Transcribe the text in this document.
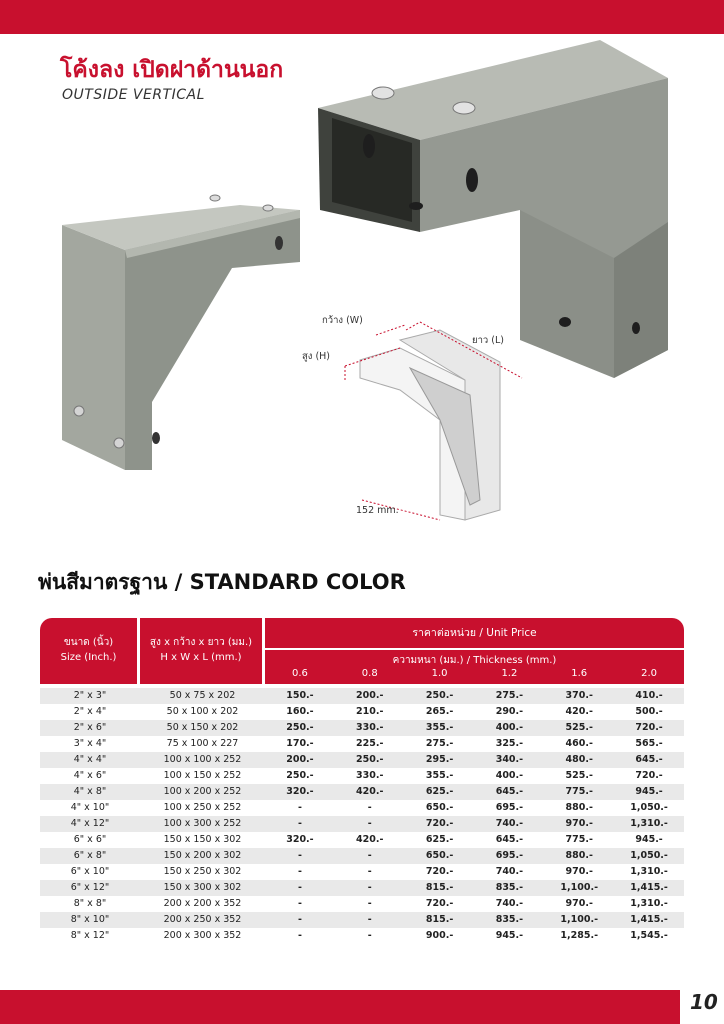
โค้งลง เปิดฝาด้านนอก
OUTSIDE VERTICAL
กว้าง (W)
สูง (H)
ยาว (L)
152 mm.
พ่นสีมาตรฐาน / STANDARD COLOR
ขนาด (นิ้ว)
Size (Inch.)
สูง x กว้าง x ยาว (มม.)
H x W x L (mm.)
ราคาต่อหน่วย / Unit Price
ความหนา (มม.) / Thickness (mm.)
0.6	0.8	1.0	1.2	1.6	2.0
2" x 3"	50 x 75 x 202	150.-	200.-	250.-	275.-	370.-	410.-
2" x 4"	50 x 100 x 202	160.-	210.-	265.-	290.-	420.-	500.-
2" x 6"	50 x 150 x 202	250.-	330.-	355.-	400.-	525.-	720.-
3" x 4"	75 x 100 x 227	170.-	225.-	275.-	325.-	460.-	565.-
4" x 4"	100 x 100 x 252	200.-	250.-	295.-	340.-	480.-	645.-
4" x 6"	100 x 150 x 252	250.-	330.-	355.-	400.-	525.-	720.-
4" x 8"	100 x 200 x 252	320.-	420.-	625.-	645.-	775.-	945.-
4" x 10"	100 x 250 x 252	-	-	650.-	695.-	880.-	1,050.-
4" x 12"	100 x 300 x 252	-	-	720.-	740.-	970.-	1,310.-
6" x 6"	150 x 150 x 302	320.-	420.-	625.-	645.-	775.-	945.-
6" x 8"	150 x 200 x 302	-	-	650.-	695.-	880.-	1,050.-
6" x 10"	150 x 250 x 302	-	-	720.-	740.-	970.-	1,310.-
6" x 12"	150 x 300 x 302	-	-	815.-	835.-	1,100.-	1,415.-
8" x 8"	200 x 200 x 352	-	-	720.-	740.-	970.-	1,310.-
8" x 10"	200 x 250 x 352	-	-	815.-	835.-	1,100.-	1,415.-
8" x 12"	200 x 300 x 352	-	-	900.-	945.-	1,285.-	1,545.-
10
